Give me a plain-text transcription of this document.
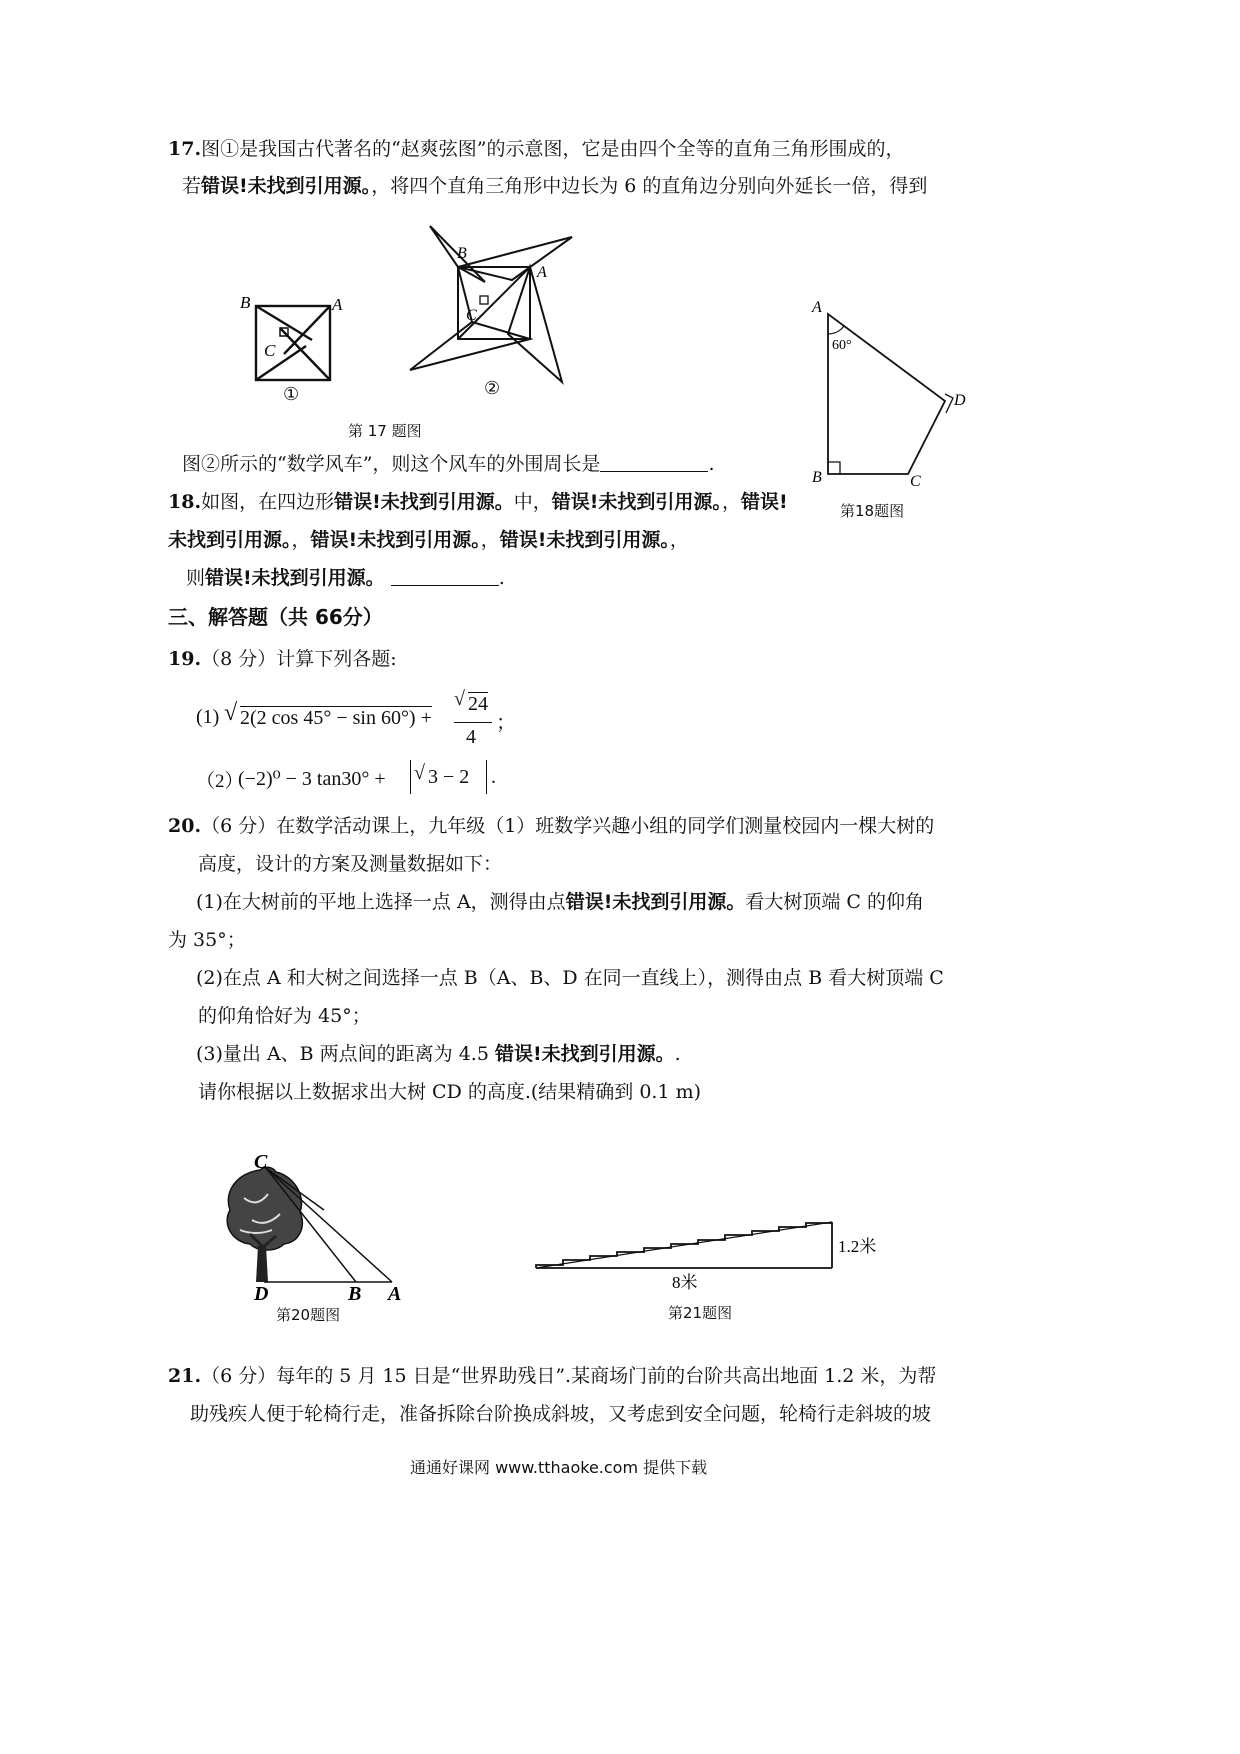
17.图①是我国古代著名的“赵爽弦图”的示意图，它是由四个全等的直角三角形围成的，
若错误!未找到引用源。，将四个直角三角形中边长为 6 的直角边分别向外延长一倍，得到
B	A
C
①
B
A
C
②
第 17 题图
图②所示的“数学风车”，则这个风车的外围周长是	.
A
60°
D
B	C
第18题图
18.如图，在四边形错误!未找到引用源。中，错误!未找到引用源。，错误!
未找到引用源。，错误!未找到引用源。，错误!未找到引用源。，
则错误!未找到引用源。	.
三、解答题（共 66分）
19.（8 分）计算下列各题:
(1) √ 2(2 cos 45° − sin 60°) +
√ 24
4
；
（2）
(−2)⁰ − 3 tan30° + √ 3 − 2 .
20.（6 分）在数学活动课上，九年级（1）班数学兴趣小组的同学们测量校园内一棵大树的
高度，设计的方案及测量数据如下：
(1)在大树前的平地上选择一点 A，测得由点错误!未找到引用源。看大树顶端 C 的仰角
为 35°；
(2)在点 A 和大树之间选择一点 B（A、B、D 在同一直线上），测得由点 B 看大树顶端 C
的仰角恰好为 45°；
(3)量出 A、B 两点间的距离为 4.5 错误!未找到引用源。.
请你根据以上数据求出大树 CD 的高度.(结果精确到 0.1 m)
C
D	B A
第20题图
1.2米
8米
第21题图
21.（6 分）每年的 5 月 15 日是“世界助残日”.某商场门前的台阶共高出地面 1.2 米，为帮
助残疾人便于轮椅行走，准备拆除台阶换成斜坡，又考虑到安全问题，轮椅行走斜坡的坡
通通好课网 www.tthaoke.com 提供下载
